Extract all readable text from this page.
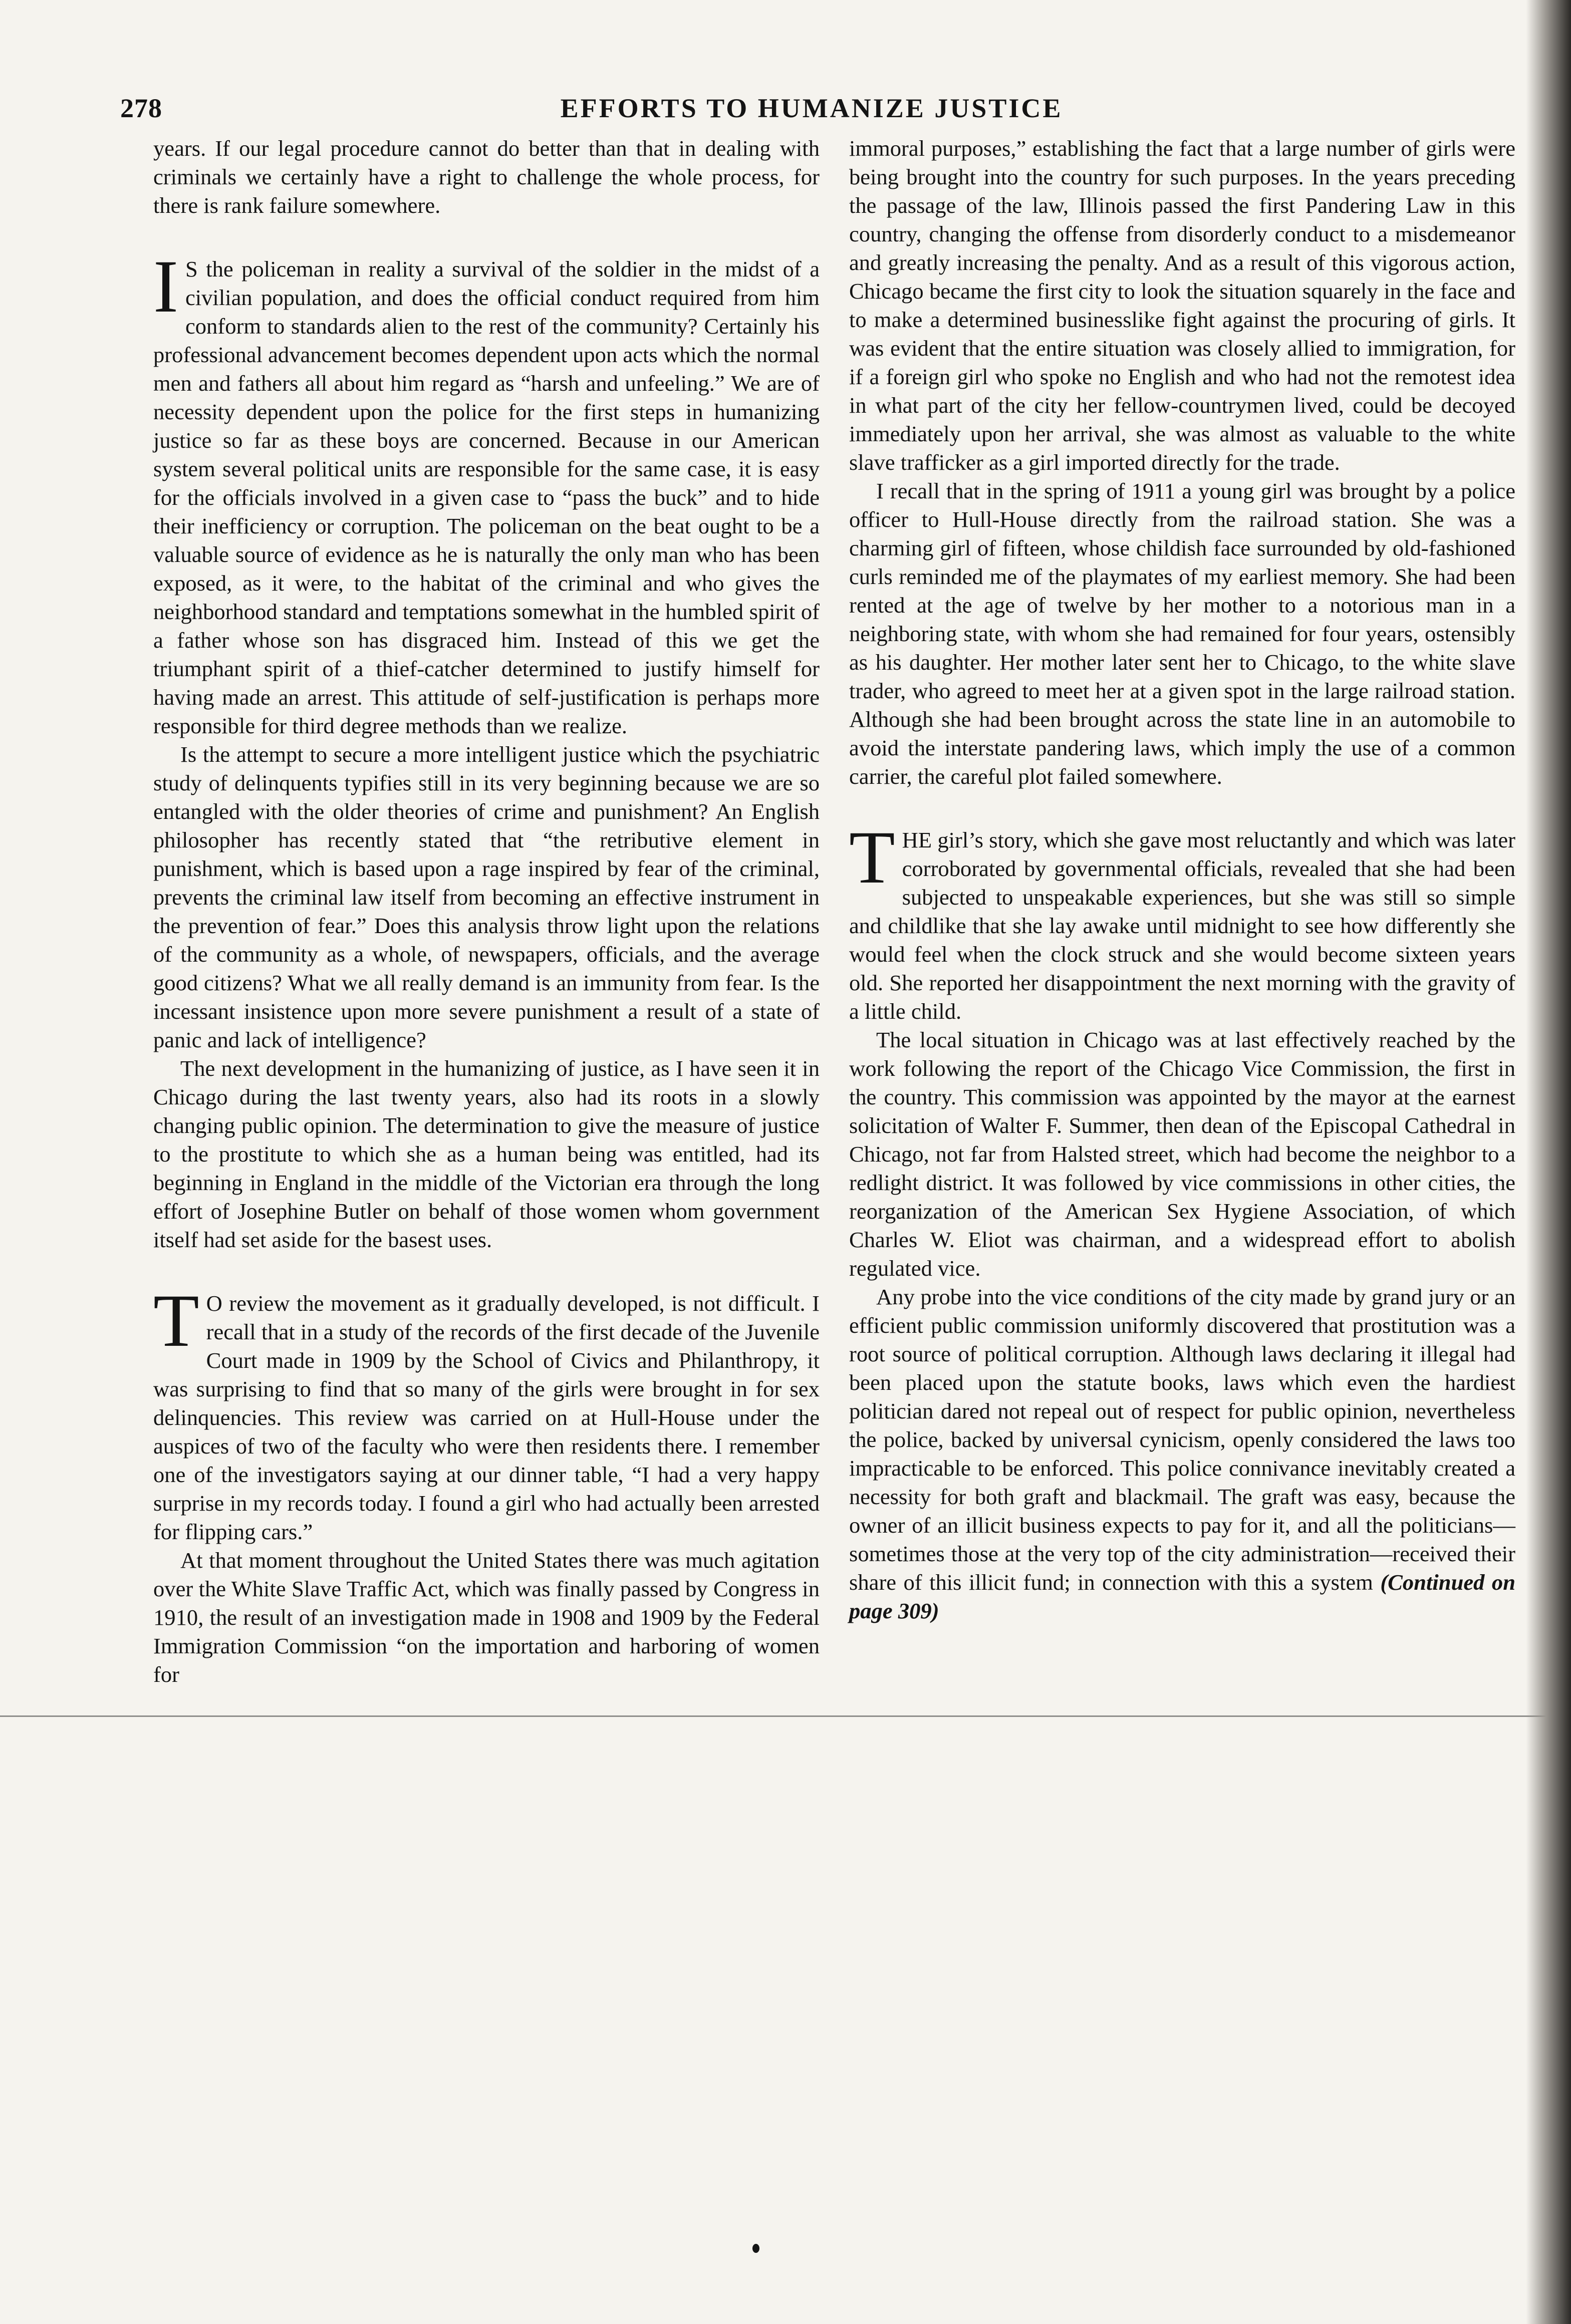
278	EFFORTS TO HUMANIZE JUSTICE

years. If our legal procedure cannot do better than that in dealing with criminals we certainly have a right to challenge the whole process, for there is rank failure somewhere.

I S the policeman in reality a survival of the soldier in the midst of a civilian population, and does the official conduct required from him conform to standards alien to the rest of the community? Certainly his professional advancement becomes dependent upon acts which the normal men and fathers all about him regard as “harsh and unfeeling.” We are of necessity dependent upon the police for the first steps in humanizing justice so far as these boys are concerned. Because in our American system several political units are responsible for the same case, it is easy for the officials involved in a given case to “pass the buck” and to hide their inefficiency or corruption. The policeman on the beat ought to be a valuable source of evidence as he is naturally the only man who has been exposed, as it were, to the habitat of the criminal and who gives the neighborhood standard and temptations somewhat in the humbled spirit of a father whose son has disgraced him. Instead of this we get the triumphant spirit of a thief-catcher determined to justify himself for having made an arrest. This attitude of self-justification is perhaps more responsible for third degree methods than we realize.

Is the attempt to secure a more intelligent justice which the psychiatric study of delinquents typifies still in its very beginning because we are so entangled with the older theories of crime and punishment? An English philosopher has recently stated that “the retributive element in punishment, which is based upon a rage inspired by fear of the criminal, prevents the criminal law itself from becoming an effective instrument in the prevention of fear.” Does this analysis throw light upon the relations of the community as a whole, of newspapers, officials, and the average good citizens? What we all really demand is an immunity from fear. Is the incessant insistence upon more severe punishment a result of a state of panic and lack of intelligence?

The next development in the humanizing of justice, as I have seen it in Chicago during the last twenty years, also had its roots in a slowly changing public opinion. The determination to give the measure of justice to the prostitute to which she as a human being was entitled, had its beginning in England in the middle of the Victorian era through the long effort of Josephine Butler on behalf of those women whom government itself had set aside for the basest uses.

T O review the movement as it gradually developed, is not difficult. I recall that in a study of the records of the first decade of the Juvenile Court made in 1909 by the School of Civics and Philanthropy, it was surprising to find that so many of the girls were brought in for sex delinquencies. This review was carried on at Hull-House under the auspices of two of the faculty who were then residents there. I remember one of the investigators saying at our dinner table, “I had a very happy surprise in my records today. I found a girl who had actually been arrested for flipping cars.”

At that moment throughout the United States there was much agitation over the White Slave Traffic Act, which was finally passed by Congress in 1910, the result of an investigation made in 1908 and 1909 by the Federal Immigration Commission “on the importation and harboring of women for

immoral purposes,” establishing the fact that a large number of girls were being brought into the country for such purposes. In the years preceding the passage of the law, Illinois passed the first Pandering Law in this country, changing the offense from disorderly conduct to a misdemeanor and greatly increasing the penalty. And as a result of this vigorous action, Chicago became the first city to look the situation squarely in the face and to make a determined businesslike fight against the procuring of girls. It was evident that the entire situation was closely allied to immigration, for if a foreign girl who spoke no English and who had not the remotest idea in what part of the city her fellow-countrymen lived, could be decoyed immediately upon her arrival, she was almost as valuable to the white slave trafficker as a girl imported directly for the trade.

I recall that in the spring of 1911 a young girl was brought by a police officer to Hull-House directly from the railroad station. She was a charming girl of fifteen, whose childish face surrounded by old-fashioned curls reminded me of the playmates of my earliest memory. She had been rented at the age of twelve by her mother to a notorious man in a neighboring state, with whom she had remained for four years, ostensibly as his daughter. Her mother later sent her to Chicago, to the white slave trader, who agreed to meet her at a given spot in the large railroad station. Although she had been brought across the state line in an automobile to avoid the interstate pandering laws, which imply the use of a common carrier, the careful plot failed somewhere.

THE girl’s story, which she gave most reluctantly and which was later corroborated by governmental officials, revealed that she had been subjected to unspeakable experiences, but she was still so simple and childlike that she lay awake until midnight to see how differently she would feel when the clock struck and she would become sixteen years old. She reported her disappointment the next morning with the gravity of a little child.

The local situation in Chicago was at last effectively reached by the work following the report of the Chicago Vice Commission, the first in the country. This commission was appointed by the mayor at the earnest solicitation of Walter F. Summer, then dean of the Episcopal Cathedral in Chicago, not far from Halsted street, which had become the neighbor to a redlight district. It was followed by vice commissions in other cities, the reorganization of the American Sex Hygiene Association, of which Charles W. Eliot was chairman, and a widespread effort to abolish regulated vice.

Any probe into the vice conditions of the city made by grand jury or an efficient public commission uniformly discovered that prostitution was a root source of political corruption. Although laws declaring it illegal had been placed upon the statute books, laws which even the hardiest politician dared not repeal out of respect for public opinion, nevertheless the police, backed by universal cynicism, openly considered the laws too impracticable to be enforced. This police connivance inevitably created a necessity for both graft and blackmail. The graft was easy, because the owner of an illicit business expects to pay for it, and all the politicians—sometimes those at the very top of the city administration—received their share of this illicit fund; in connection with this a system (Continued on page 309)
